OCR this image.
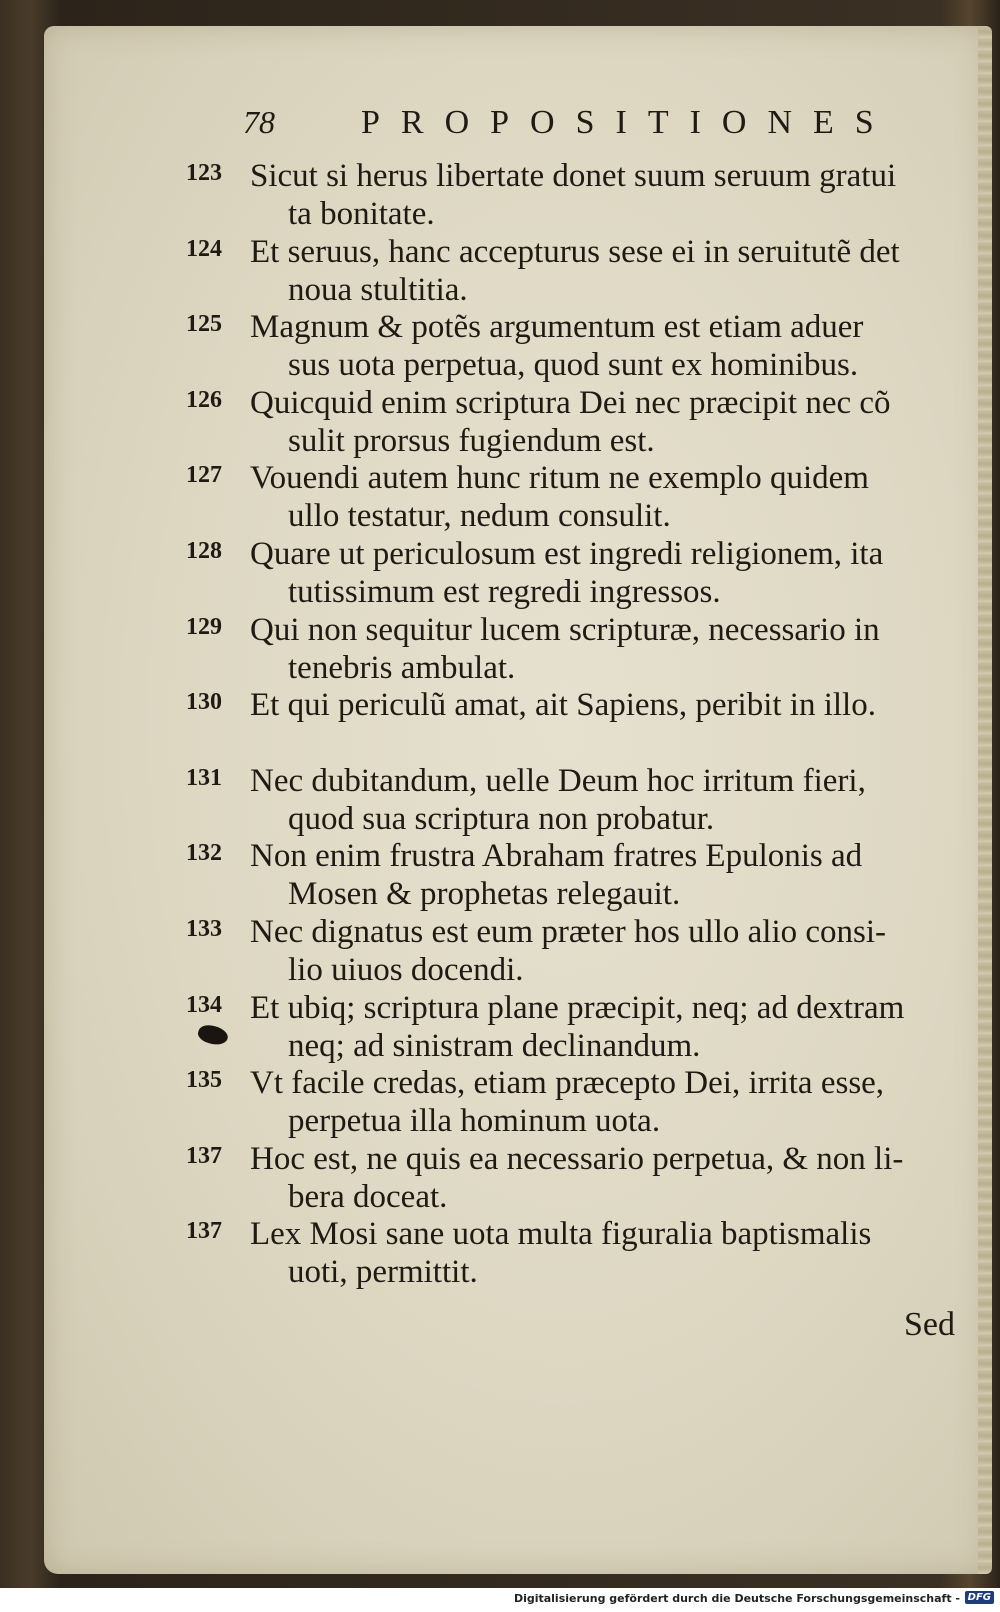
78	PROPOSITIONES
123 Sicut si herus libertate donet suum seruum gratui
ta bonitate.
124 Et seruus, hanc accepturus sese ei in seruitutẽ det
noua stultitia.
125 Magnum & potẽs argumentum est etiam aduer
sus uota perpetua, quod sunt ex hominibus.
126 Quicquid enim scriptura Dei nec præcipit nec cõ
sulit prorsus fugiendum est.
127 Vouendi autem hunc ritum ne exemplo quidem
ullo testatur, nedum consulit.
128 Quare ut periculosum est ingredi religionem, ita
tutissimum est regredi ingressos.
129 Qui non sequitur lucem scripturæ, necessario in
tenebris ambulat.
130 Et qui periculũ amat, ait Sapiens, peribit in illo.
131 Nec dubitandum, uelle Deum hoc irritum fieri,
quod sua scriptura non probatur.
132 Non enim frustra Abraham fratres Epulonis ad
Mosen & prophetas relegauit.
133 Nec dignatus est eum præter hos ullo alio consi-
lio uiuos docendi.
134 Et ubiq; scriptura plane præcipit, neq; ad dextram
neq; ad sinistram declinandum.
135 Vt facile credas, etiam præcepto Dei, irrita esse,
perpetua illa hominum uota.
137 Hoc est, ne quis ea necessario perpetua, & non li-
bera doceat.
137 Lex Mosi sane uota multa figuralia baptismalis
uoti, permittit.
Sed
Digitalisierung gefördert durch die Deutsche Forschungsgemeinschaft - DFG
